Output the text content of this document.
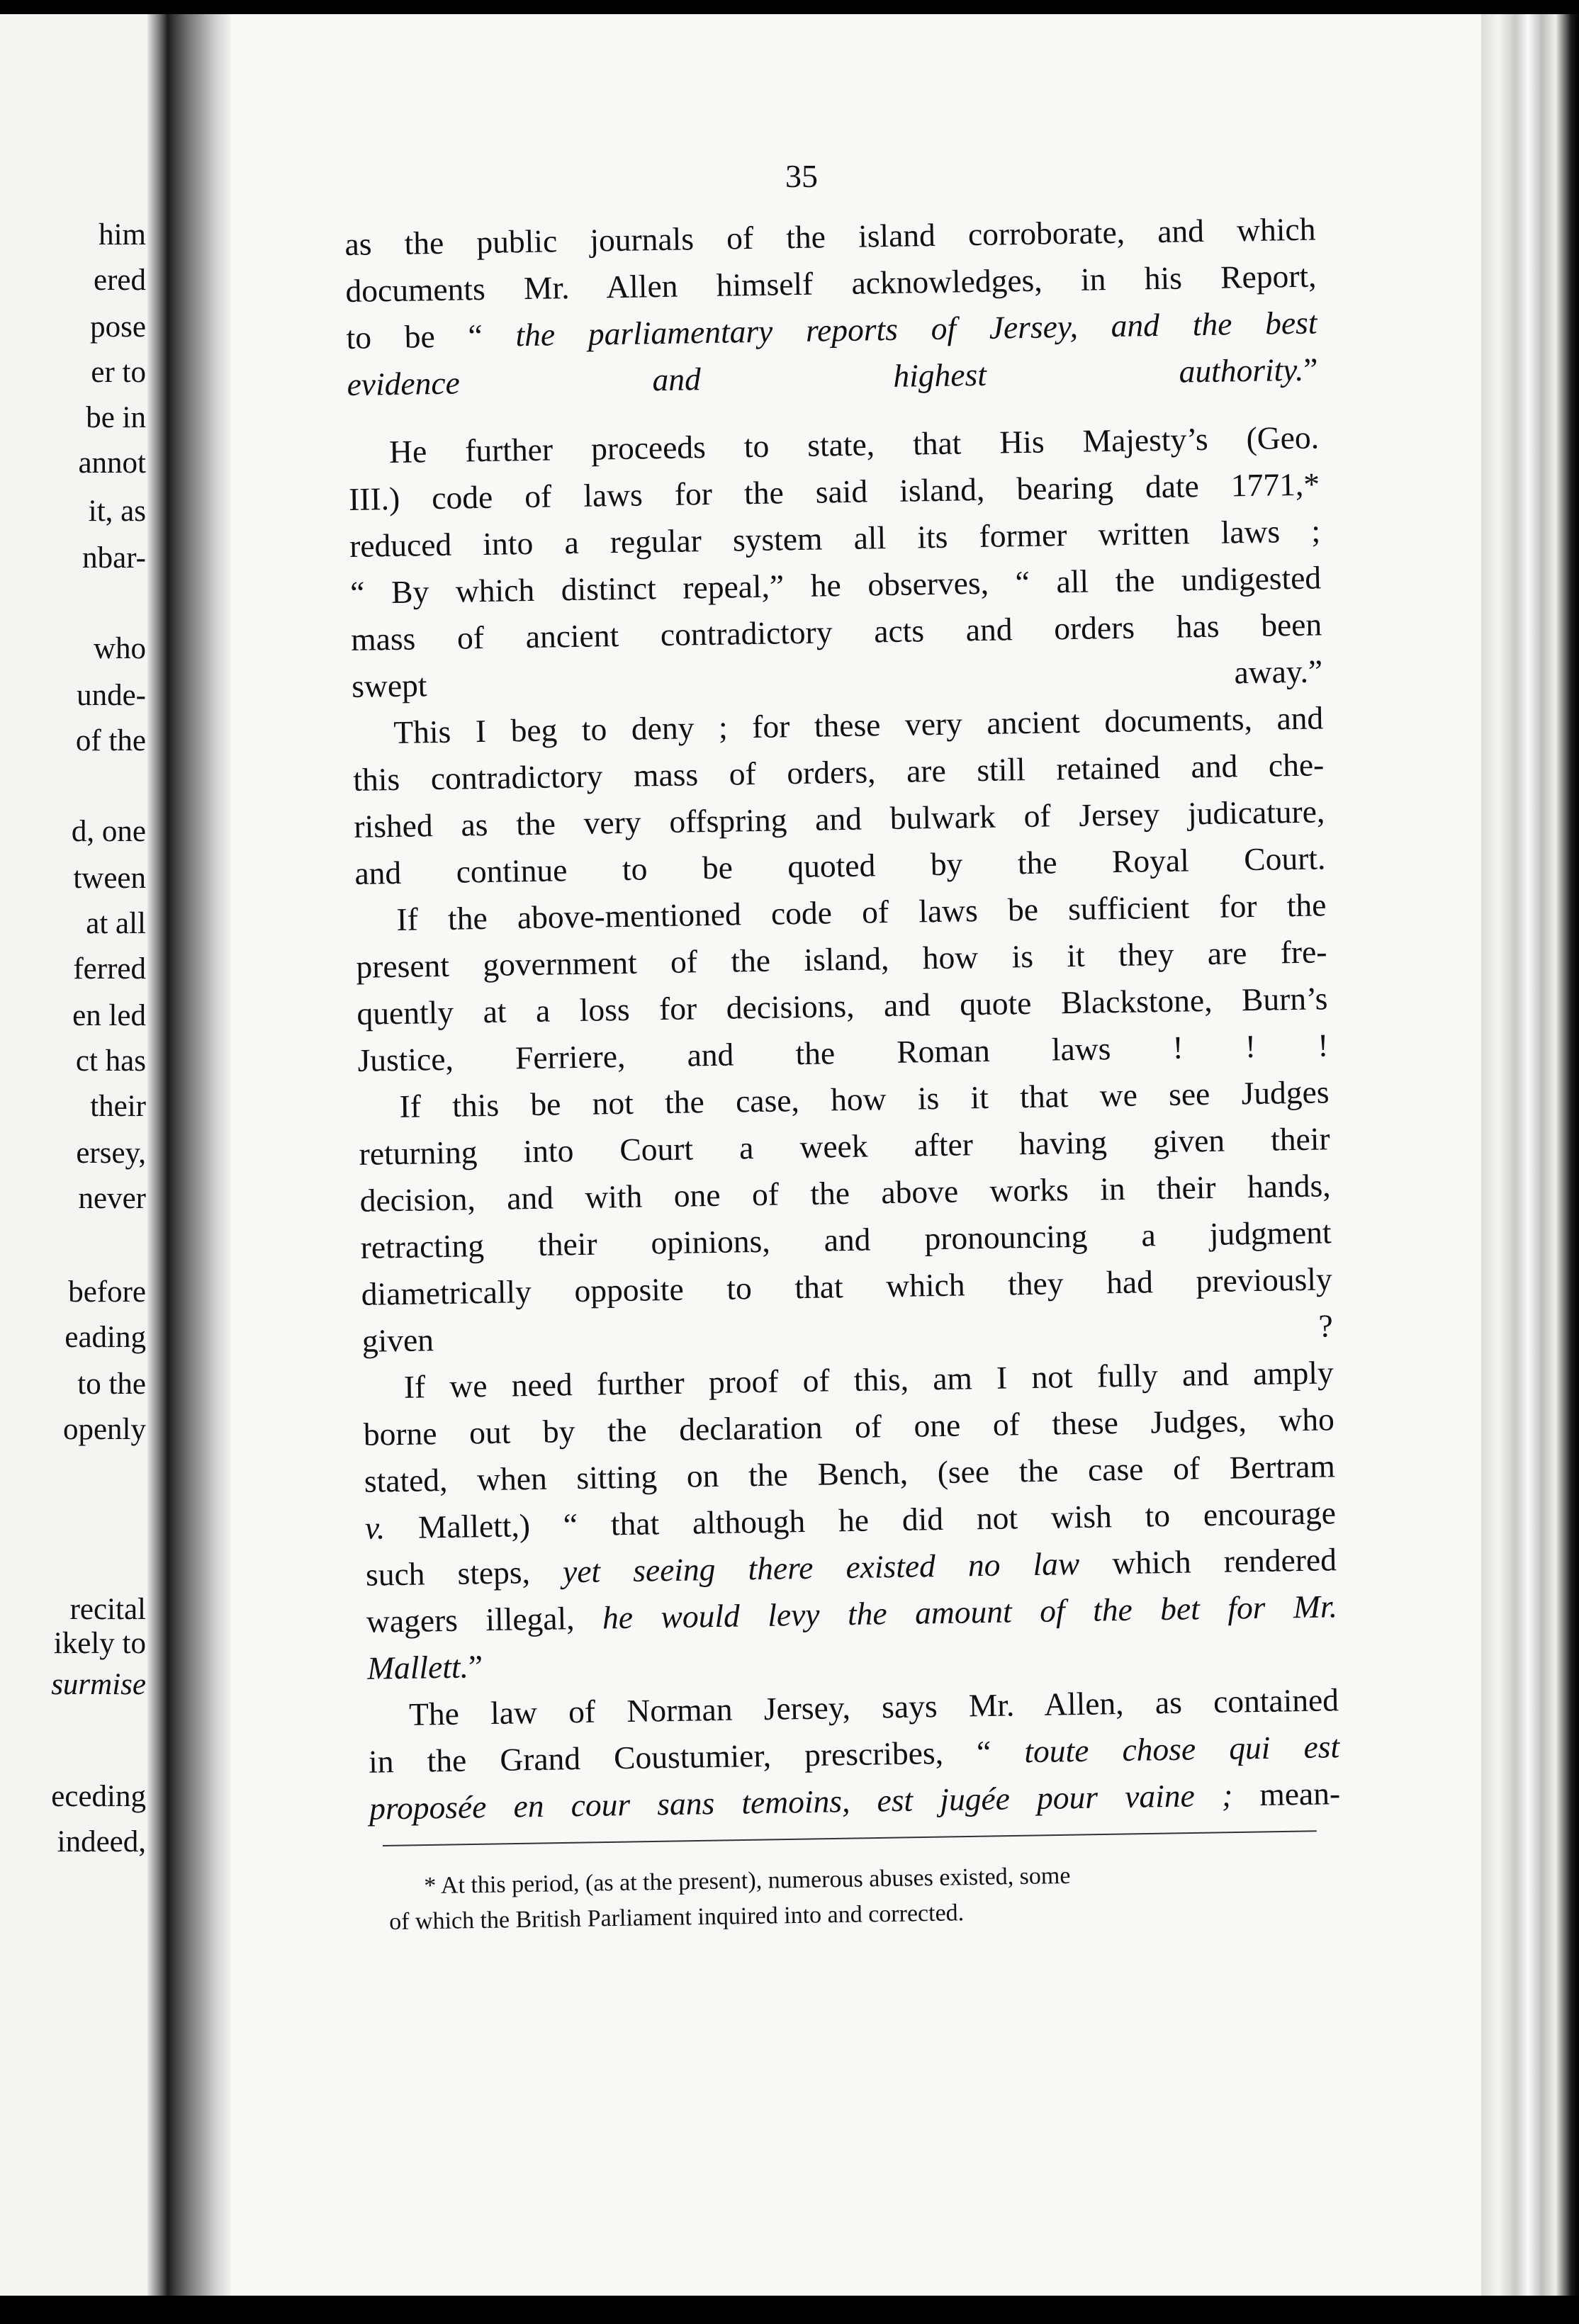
him
ered
pose
er to
be in
annot
it, as
nbar-
who
unde-
of the
d, one
tween
at all
ferred
en led
ct has
their
ersey,
never
before
eading
to the
openly
recital
ikely to
surmise
eceding
indeed,
35

as the public journals of the island corroborate, and which
documents Mr. Allen himself acknowledges, in his Report,
to be “ the parliamentary reports of Jersey, and the best
evidence and highest authority.”

He further proceeds to state, that His Majesty’s (Geo.

III.) code of laws for the said island, bearing date 1771,*
reduced into a regular system all its former written laws ;
“ By which distinct repeal,” he observes, “ all the undigested
mass of ancient contradictory acts and orders has been
swept away.”

This I beg to deny ; for these very ancient documents, and

this contradictory mass of orders, are still retained and che-
rished as the very offspring and bulwark of Jersey judicature,
and continue to be quoted by the Royal Court.

If the above-mentioned code of laws be sufficient for the

present government of the island, how is it they are fre-
quently at a loss for decisions, and quote Blackstone, Burn’s
Justice, Ferriere, and the Roman laws ! ! !

If this be not the case, how is it that we see Judges

returning into Court a week after having given their
decision, and with one of the above works in their hands,
retracting their opinions, and pronouncing a judgment
diametrically opposite to that which they had previously
given ?

If we need further proof of this, am I not fully and amply

borne out by the declaration of one of these Judges, who
stated, when sitting on the Bench, (see the case of Bertram
v. Mallett,) “ that although he did not wish to encourage
such steps, yet seeing there existed no law which rendered
wagers illegal, he would levy the amount of the bet for Mr.
Mallett.”

The law of Norman Jersey, says Mr. Allen, as contained

in the Grand Coustumier, prescribes, “ toute chose qui est
proposée en cour sans temoins, est jugée pour vaine ; mean-

* At this period, (as at the present), numerous abuses existed, some
of which the British Parliament inquired into and corrected.
